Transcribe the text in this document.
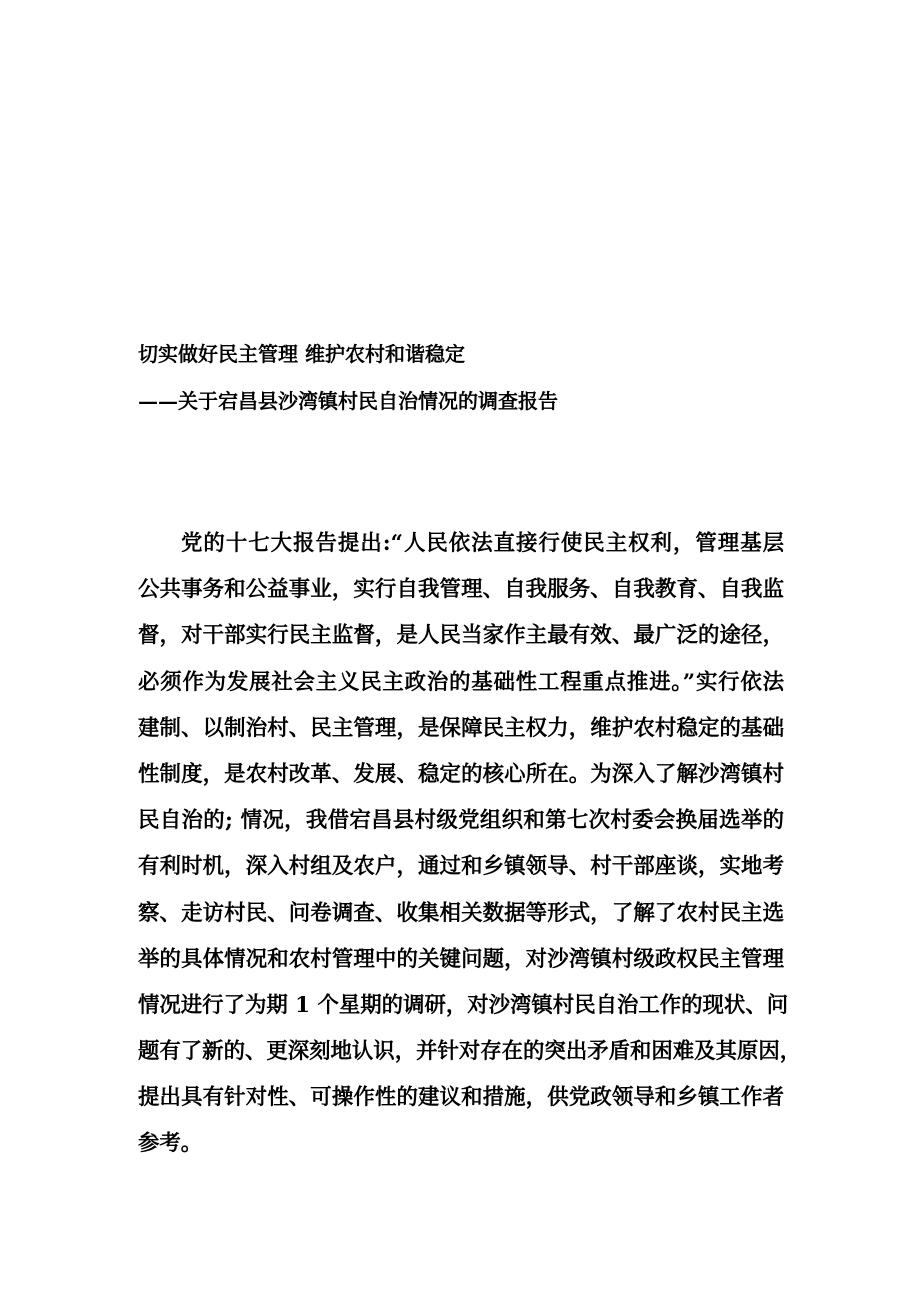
切实做好民主管理 维护农村和谐稳定
——关于宕昌县沙湾镇村民自治情况的调查报告
党的十七大报告提出:“人民依法直接行使民主权利，管理基层
公共事务和公益事业，实行自我管理、自我服务、自我教育、自我监
督，对干部实行民主监督，是人民当家作主最有效、最广泛的途径，
必须作为发展社会主义民主政治的基础性工程重点推进。”实行依法
建制、以制治村、民主管理，是保障民主权力，维护农村稳定的基础
性制度，是农村改革、发展、稳定的核心所在。为深入了解沙湾镇村
民自治的; 情况，我借宕昌县村级党组织和第七次村委会换届选举的
有利时机，深入村组及农户，通过和乡镇领导、村干部座谈，实地考
察、走访村民、问卷调查、收集相关数据等形式，了解了农村民主选
举的具体情况和农村管理中的关键问题，对沙湾镇村级政权民主管理
情况进行了为期 1 个星期的调研，对沙湾镇村民自治工作的现状、问
题有了新的、更深刻地认识，并针对存在的突出矛盾和困难及其原因，
提出具有针对性、可操作性的建议和措施，供党政领导和乡镇工作者
参考。
